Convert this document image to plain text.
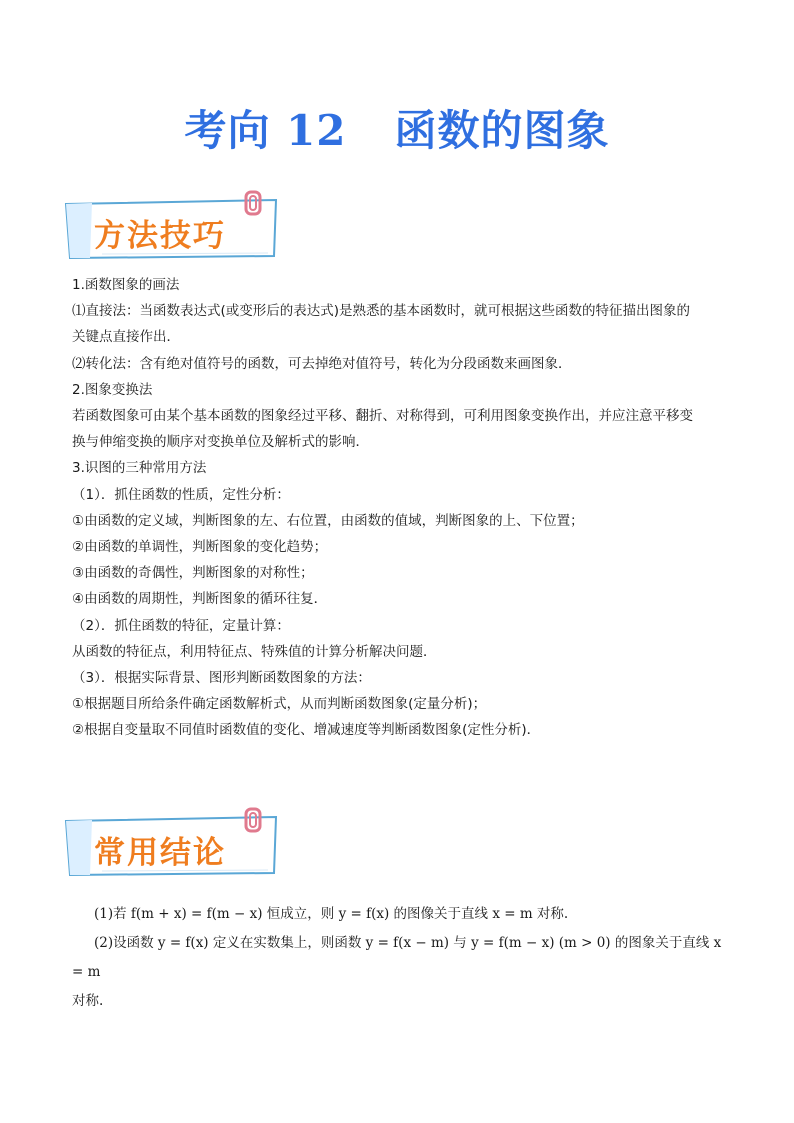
考向 12 函数的图象
方法技巧

1.函数图象的画法

⑴直接法：当函数表达式(或变形后的表达式)是熟悉的基本函数时，就可根据这些函数的特征描出图象的

关键点直接作出．

⑵转化法：含有绝对值符号的函数，可去掉绝对值符号，转化为分段函数来画图象．

2.图象变换法

若函数图象可由某个基本函数的图象经过平移、翻折、对称得到，可利用图象变换作出，并应注意平移变

换与伸缩变换的顺序对变换单位及解析式的影响．

3.识图的三种常用方法

（1）．抓住函数的性质，定性分析：

①由函数的定义域，判断图象的左、右位置，由函数的值域，判断图象的上、下位置；

②由函数的单调性，判断图象的变化趋势；

③由函数的奇偶性，判断图象的对称性；

④由函数的周期性，判断图象的循环往复．

（2）．抓住函数的特征，定量计算：

从函数的特征点，利用特征点、特殊值的计算分析解决问题．

（3）．根据实际背景、图形判断函数图象的方法：

①根据题目所给条件确定函数解析式，从而判断函数图象(定量分析)；

②根据自变量取不同值时函数值的变化、增减速度等判断函数图象(定性分析)．

常用结论

(1)若 f(m + x) = f(m − x) 恒成立，则 y = f(x) 的图像关于直线 x = m 对称.

(2)设函数 y = f(x) 定义在实数集上，则函数 y = f(x − m) 与 y = f(m − x) (m > 0) 的图象关于直线 x = m

对称.
